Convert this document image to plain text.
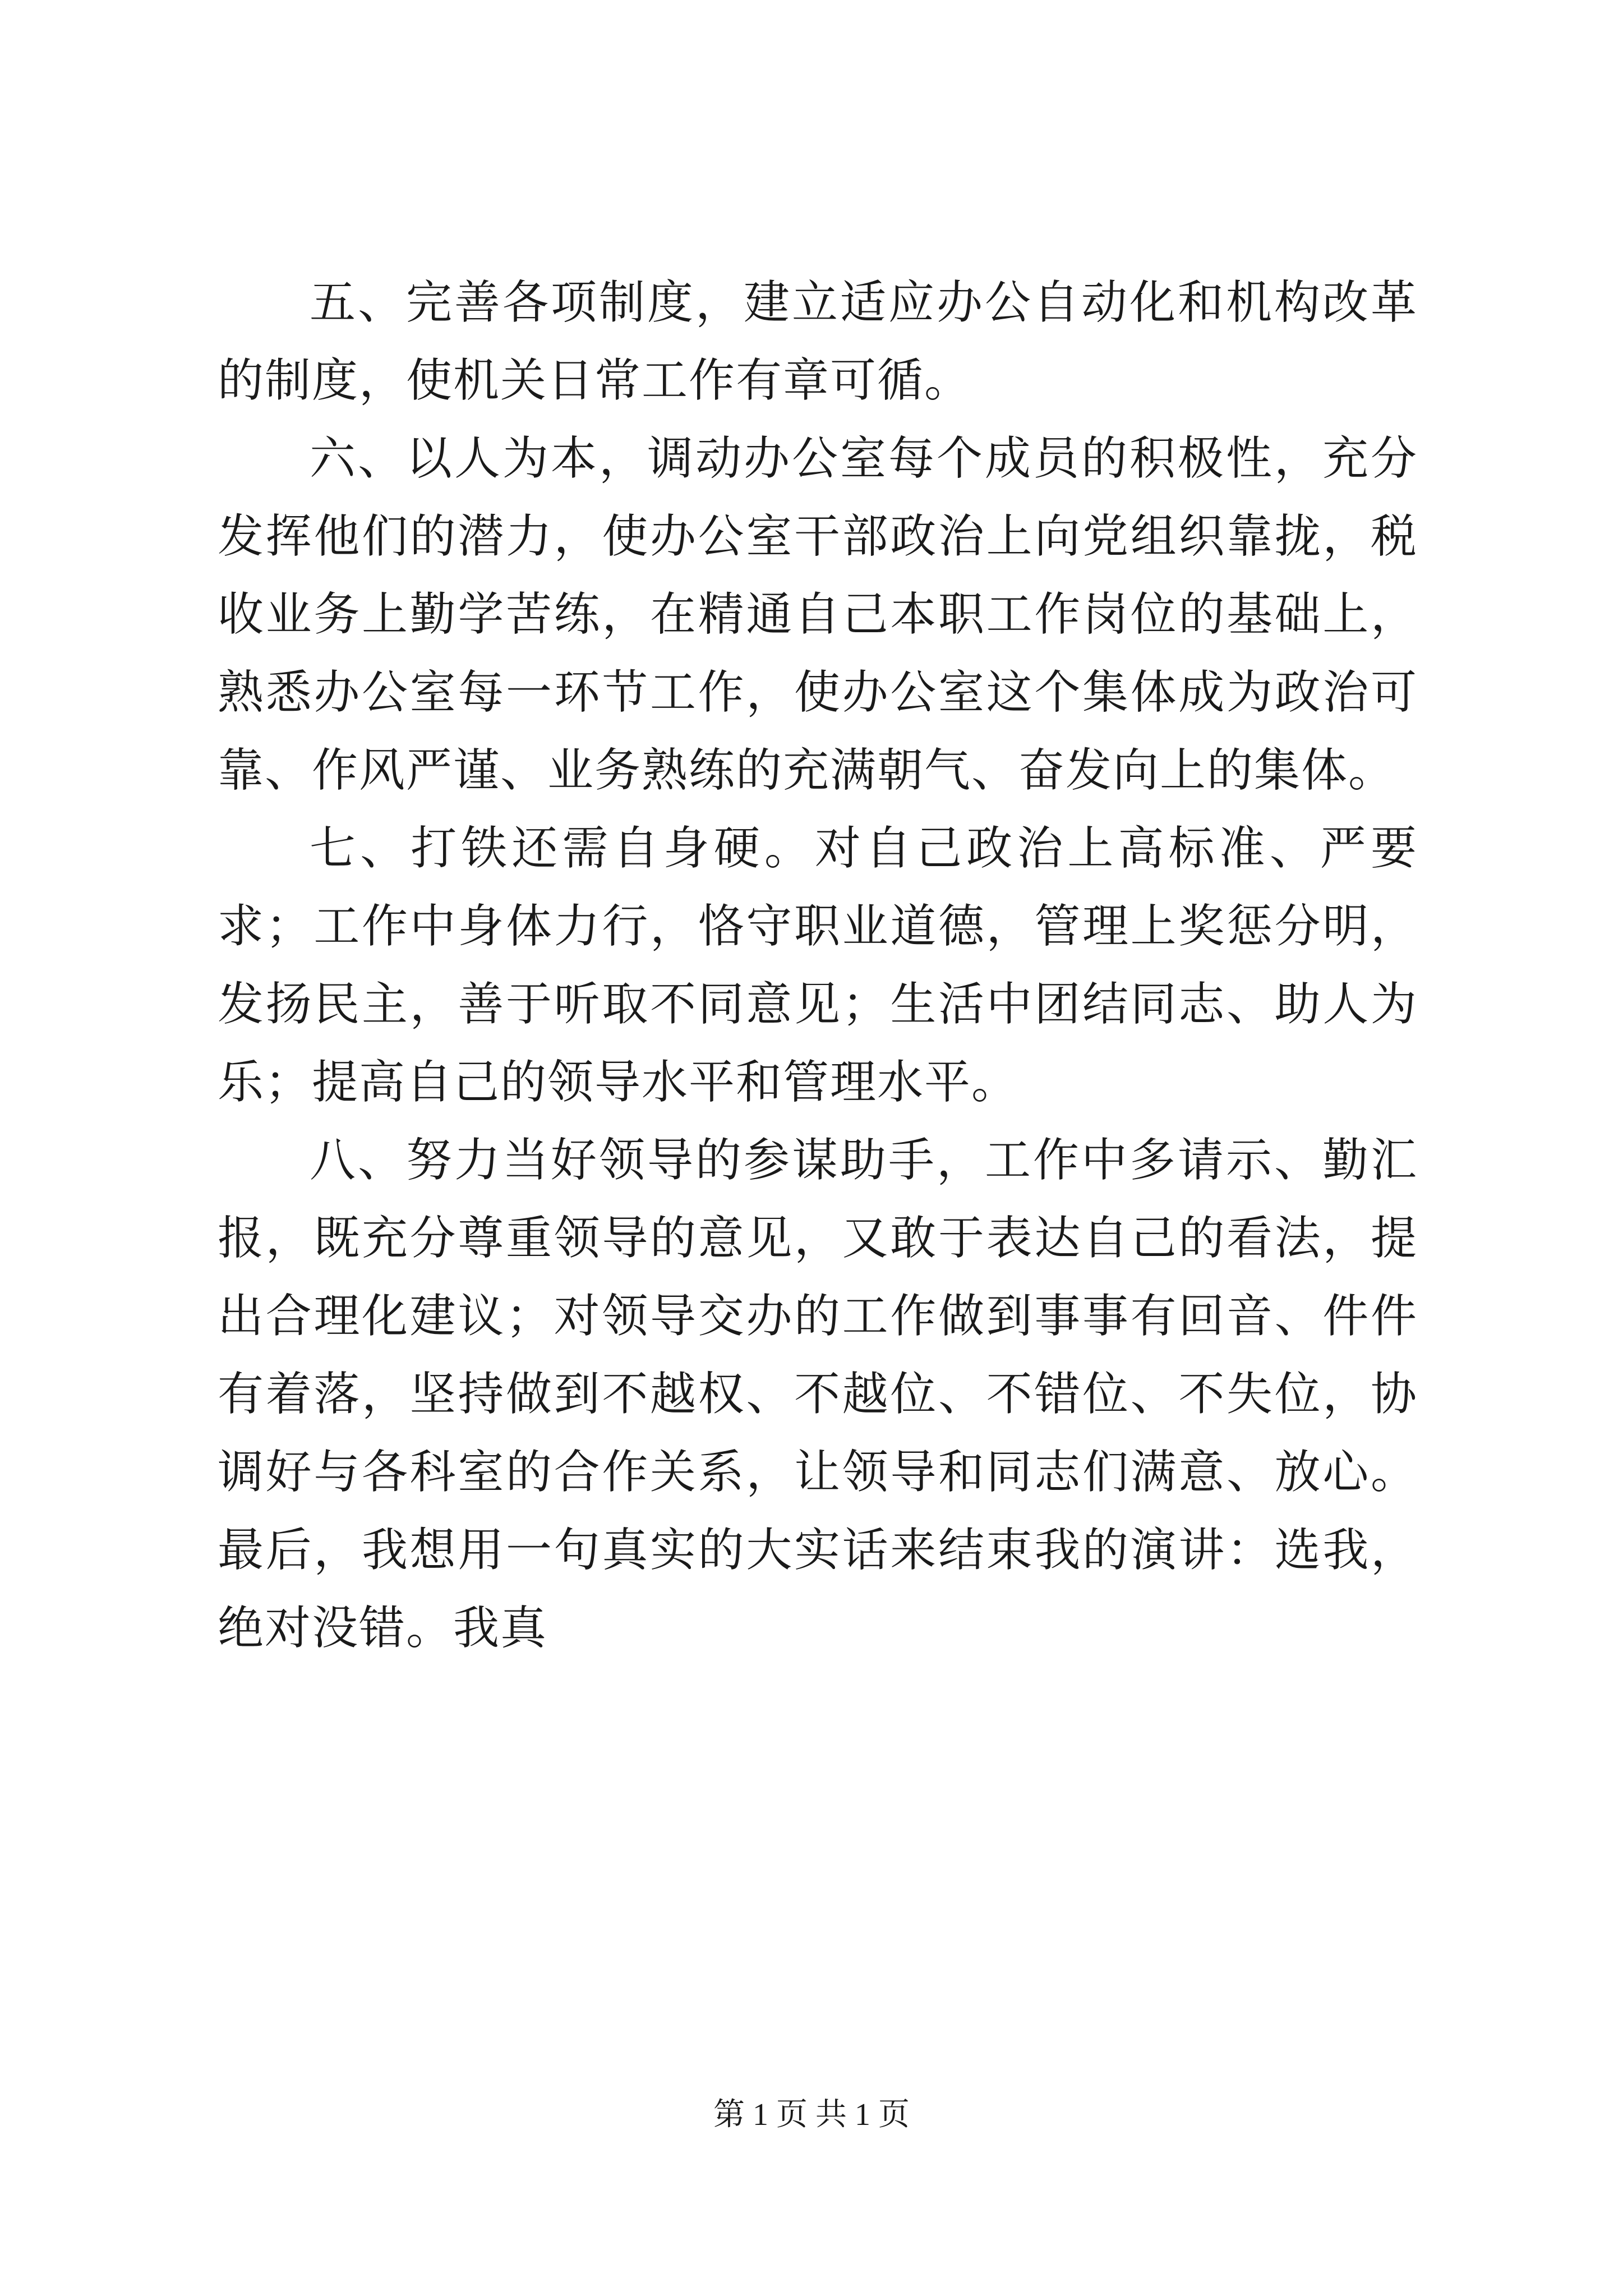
五、完善各项制度，建立适应办公自动化和机构改革的制度，使机关日常工作有章可循。

六、以人为本，调动办公室每个成员的积极性，充分发挥他们的潜力，使办公室干部政治上向党组织靠拢，税收业务上勤学苦练，在精通自己本职工作岗位的基础上，熟悉办公室每一环节工作，使办公室这个集体成为政治可靠、作风严谨、业务熟练的充满朝气、奋发向上的集体。

七、打铁还需自身硬。对自己政治上高标准、严要求；工作中身体力行，恪守职业道德，管理上奖惩分明，发扬民主，善于听取不同意见；生活中团结同志、助人为乐；提高自己的领导水平和管理水平。

八、努力当好领导的参谋助手，工作中多请示、勤汇报，既充分尊重领导的意见，又敢于表达自己的看法，提出合理化建议；对领导交办的工作做到事事有回音、件件有着落，坚持做到不越权、不越位、不错位、不失位，协调好与各科室的合作关系，让领导和同志们满意、放心。最后，我想用一句真实的大实话来结束我的演讲：选我，绝对没错。我真

第 1 页 共 1 页
